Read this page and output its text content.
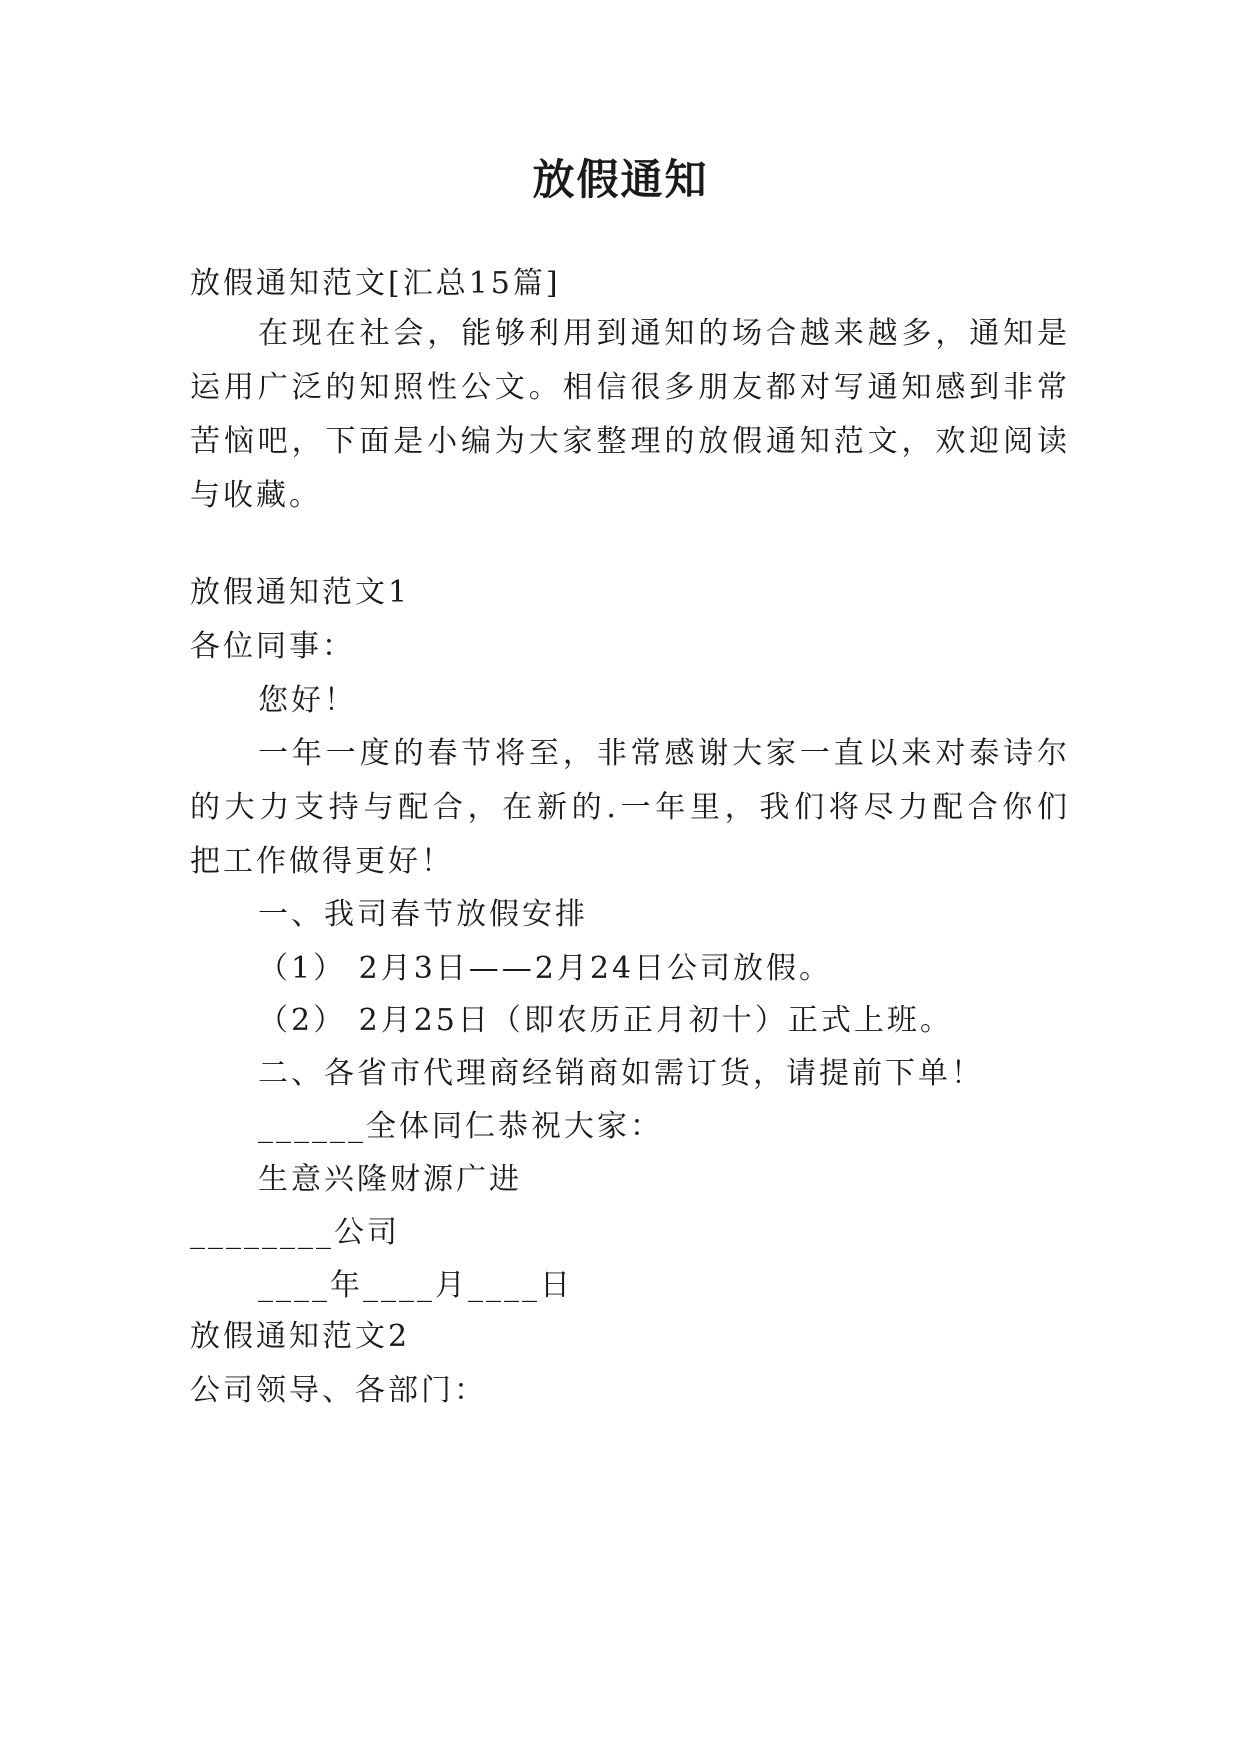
放假通知
放假通知范文[汇总15篇]
在现在社会，能够利用到通知的场合越来越多，通知是
运用广泛的知照性公文。相信很多朋友都对写通知感到非常
苦恼吧，下面是小编为大家整理的放假通知范文，欢迎阅读
与收藏。
放假通知范文1
各位同事：
您好！
一年一度的春节将至，非常感谢大家一直以来对泰诗尔
的大力支持与配合，在新的.一年里，我们将尽力配合你们
把工作做得更好！
一、我司春节放假安排
（1） 2月3日——2月24日公司放假。
（2） 2月25日（即农历正月初十）正式上班。
二、各省市代理商经销商如需订货，请提前下单！
______全体同仁恭祝大家：
生意兴隆财源广进
________公司
____年____月____日
放假通知范文2
公司领导、各部门：
